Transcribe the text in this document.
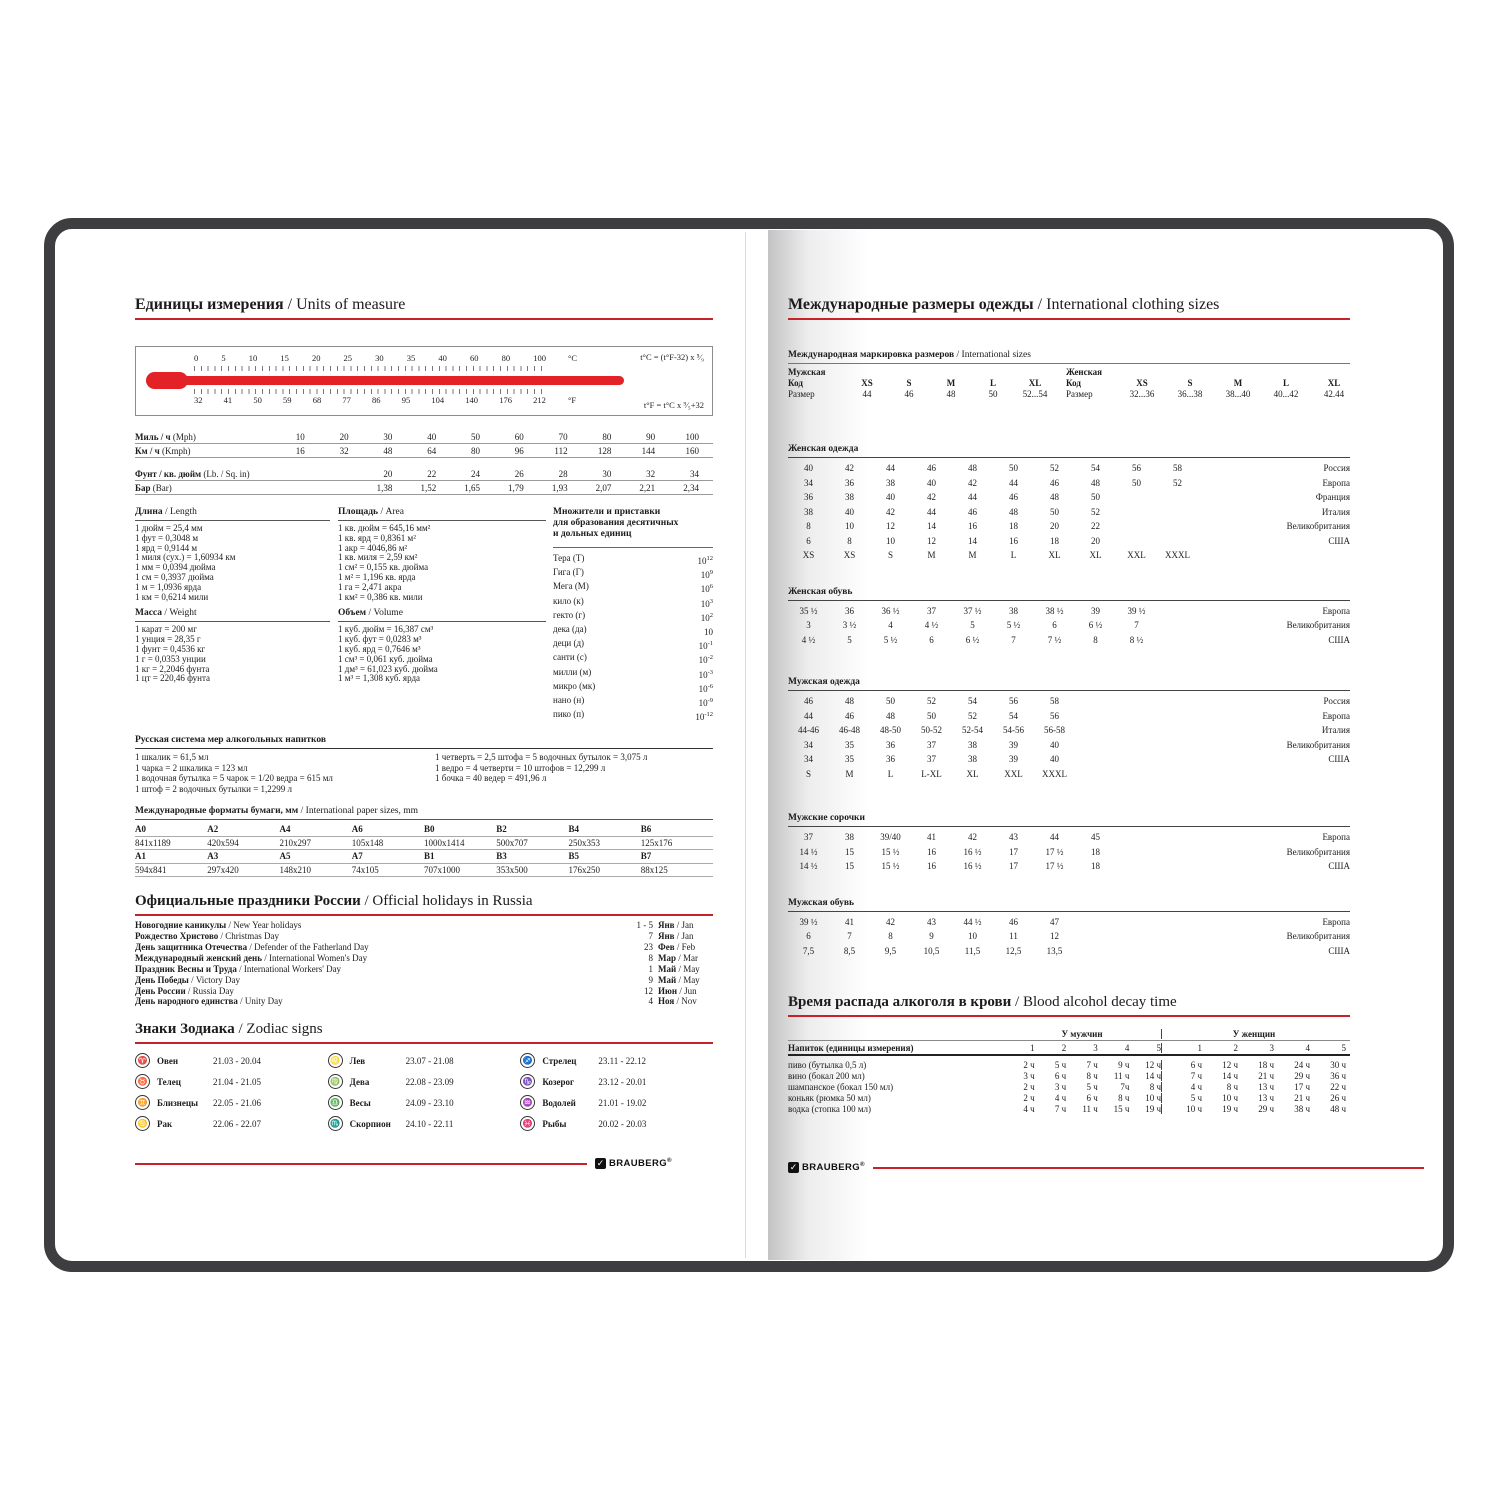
Единицы измерения / Units of measure
0	5	10	15	20	25	30	35	40	60	80	100
32 41 50 59 68 77 86 95 104 140 176 212
°C
°F
t°C = (t°F-32) x ⁵⁄₉
t°F = t°C x ⁹⁄₅+32
Миль / ч (Mph)	10	20	30	40	50	60	70	80	90	100
Км / ч (Kmph)	16	32	48	64	80	96	112	128	144	160
Фунт / кв. дюйм (Lb. / Sq. in)	20	22	24	26	28	30	32	34
Бар (Bar)	1,38	1,52	1,65	1,79	1,93	2,07	2,21	2,34
Длина / Length
1 дюйм = 25,4 мм
1 фут = 0,3048 м
1 ярд = 0,9144 м
1 миля (сух.) = 1,60934 км
1 мм = 0,0394 дюйма
1 см = 0,3937 дюйма
1 м = 1,0936 ярда
1 км = 0,6214 мили
Масса / Weight
1 карат = 200 мг
1 унция = 28,35 г
1 фунт = 0,4536 кг
1 г = 0,0353 унции
1 кг = 2,2046 фунта
1 цт = 220,46 фунта
Площадь / Area
1 кв. дюйм = 645,16 мм²
1 кв. ярд = 0,8361 м²
1 акр = 4046,86 м²
1 кв. миля = 2,59 км²
1 см² = 0,155 кв. дюйма
1 м² = 1,196 кв. ярда
1 га = 2,471 акра
1 км² = 0,386 кв. мили
Объем / Volume
1 куб. дюйм = 16,387 см³
1 куб. фут = 0,0283 м³
1 куб. ярд = 0,7646 м³
1 см³ = 0,061 куб. дюйма
1 дм³ = 61,023 куб. дюйма
1 м³ = 1,308 куб. ярда
Множители и приставки
для образования десятичных
и дольных единиц
Тера (Т)	$10^{12}$
Гига (Г)	$10^9$
Мега (М)	$10^6$
кило (к)	$10^3$
гекто (г)	$10^2$
дека (да)	10
деци (д)	$10^{-1}$
санти (с)	$10^{-2}$
милли (м)	$10^{-3}$
микро (мк)	$10^{-6}$
нано (н)	$10^{-9}$
пико (п)	$10^{-12}$
Русская система мер алкогольных напитков
1 шкалик = 61,5 мл
1 чарка = 2 шкалика = 123 мл
1 водочная бутылка = 5 чарок = 1/20 ведра = 615 мл
1 штоф = 2 водочных бутылки = 1,2299 л
1 четверть = 2,5 штофа = 5 водочных бутылок = 3,075 л
1 ведро = 4 четверти = 10 штофов = 12,299 л
1 бочка = 40 ведер = 491,96 л
Международные форматы бумаги, мм / International paper sizes, mm
A0	A2	A4	A6	B0	B2	B4	B6
841x1189	420x594	210x297	105x148	1000x1414	500x707	250x353	125x176
A1	A3	A5	A7	B1	B3	B5	B7
594x841	297x420	148x210	74x105	707x1000	353x500	176x250	88x125
Официальные праздники России / Official holidays in Russia
Новогодние каникулы / New Year holidays	1 - 5 Янв / Jan
Рождество Христово / Christmas Day	7 Янв / Jan
День защитника Отечества / Defender of the Fatherland Day	23 Фев / Feb
Международный женский день / International Women's Day	8 Мар / Mar
Праздник Весны и Труда / International Workers' Day	1 Май / May
День Победы / Victory Day	9 Май / May
День России / Russia Day	12 Июн / Jun
День народного единства / Unity Day	4 Ноя / Nov
Знаки Зодиака / Zodiac signs
♈ Овен	21.03 - 20.04
♉ Телец	21.04 - 21.05
♊ Близнецы	22.05 - 21.06
♋ Рак	22.06 - 22.07
♌ Лев	23.07 - 21.08
♍ Дева	22.08 - 23.09
♎ Весы	24.09 - 23.10
♏ Скорпион	24.10 - 22.11
♐ Стрелец	23.11 - 22.12
♑ Козерог	23.12 - 20.01
♒ Водолей	21.01 - 19.02
♓ Рыбы	20.02 - 20.03
✓ BRAUBERG®
Международные размеры одежды / International clothing sizes
Международная маркировка размеров / International sizes
Мужская
Код	XS	S	M	L	XL
Размер	44	46	48	50	52...54
Женская
Код	XS	S	M	L	XL
Размер	32...36	36...38	38...40	40...42	42.44
Женская одежда
40	42	44	46	48	50	52	54	56	58	Россия
34	36	38	40	42	44	46	48	50	52	Европа
36	38	40	42	44	46	48	50	Франция
38	40	42	44	46	48	50	52	Италия
8	10	12	14	16	18	20	22	Великобритания
6	8	10	12	14	16	18	20	США
XS	XS	S	M	M	L	XL	XL	XXL	XXXL
Женская обувь
35 ½	36	36 ½	37	37 ½	38	38 ½	39	39 ½	Европа
3	3 ½	4	4 ½	5	5 ½	6	6 ½	7	Великобритания
4 ½	5	5 ½	6	6 ½	7	7 ½	8	8 ½	США
Мужская одежда
46	48	50	52	54	56	58	Россия
44	46	48	50	52	54	56	Европа
44-46	46-48	48-50	50-52	52-54	54-56	56-58	Италия
34	35	36	37	38	39	40	Великобритания
34	35	36	37	38	39	40	США
S	M	L	L-XL	XL	XXL	XXXL
Мужские сорочки
37	38	39/40	41	42	43	44	45	Европа
14 ½	15	15 ½	16	16 ½	17	17 ½	18	Великобритания
14 ½	15	15 ½	16	16 ½	17	17 ½	18	США
Мужская обувь
39 ½	41	42	43	44 ½	46	47	Европа
6	7	8	9	10	11	12	Великобритания
7,5	8,5	9,5	10,5	11,5	12,5	13,5	США
Время распада алкоголя в крови / Blood alcohol decay time
У мужчин	У женщин
Напиток (единицы измерения)	1	2	3	4	5	1	2	3	4	5
пиво (бутылка 0,5 л)	2 ч	5 ч	7 ч	9 ч	12 ч	6 ч	12 ч	18 ч	24 ч	30 ч
вино (бокал 200 мл)	3 ч	6 ч	8 ч	11 ч	14 ч	7 ч	14 ч	21 ч	29 ч	36 ч
шампанское (бокал 150 мл)	2 ч	3 ч	5 ч	7ч	8 ч	4 ч	8 ч	13 ч	17 ч	22 ч
коньяк (рюмка 50 мл)	2 ч	4 ч	6 ч	8 ч	10 ч	5 ч	10 ч	13 ч	21 ч	26 ч
водка (стопка 100 мл)	4 ч	7 ч	11 ч	15 ч	19 ч	10 ч	19 ч	29 ч	38 ч	48 ч
✓ BRAUBERG®
